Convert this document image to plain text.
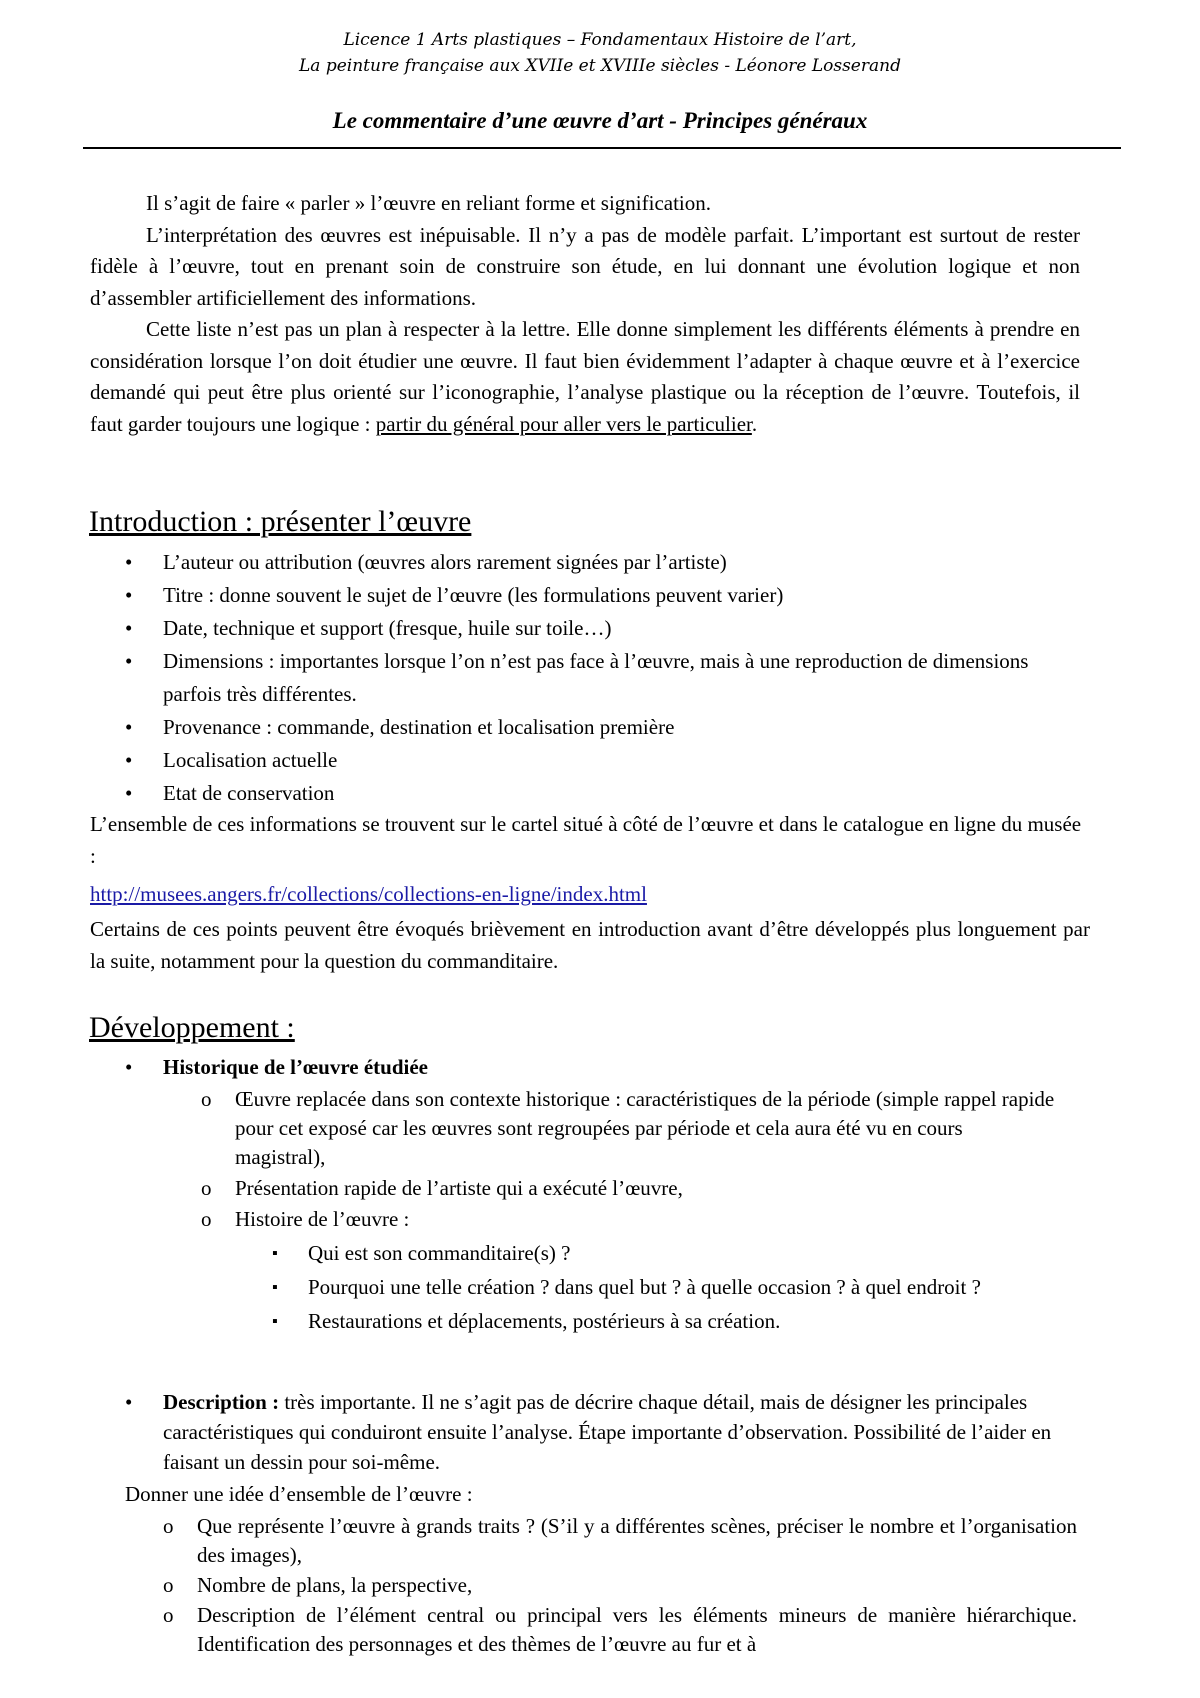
Licence 1 Arts plastiques – Fondamentaux Histoire de l’art,
La peinture française aux XVIIe et XVIIIe siècles - Léonore Losserand
Le commentaire d’une œuvre d’art - Principes généraux

Il s’agit de faire « parler » l’œuvre en reliant forme et signification.

L’interprétation des œuvres est inépuisable. Il n’y a pas de modèle parfait. L’important est surtout de rester fidèle à l’œuvre, tout en prenant soin de construire son étude, en lui donnant une évolution logique et non d’assembler artificiellement des informations.

Cette liste n’est pas un plan à respecter à la lettre. Elle donne simplement les différents éléments à prendre en considération lorsque l’on doit étudier une œuvre. Il faut bien évidemment l’adapter à chaque œuvre et à l’exercice demandé qui peut être plus orienté sur l’iconographie, l’analyse plastique ou la réception de l’œuvre. Toutefois, il faut garder toujours une logique : partir du général pour aller vers le particulier.

Introduction : présenter l’œuvre
• L’auteur ou attribution (œuvres alors rarement signées par l’artiste)
• Titre : donne souvent le sujet de l’œuvre (les formulations peuvent varier)
• Date, technique et support (fresque, huile sur toile…)
• Dimensions : importantes lorsque l’on n’est pas face à l’œuvre, mais à une reproduction de dimensions parfois très différentes.
• Provenance : commande, destination et localisation première
• Localisation actuelle
• Etat de conservation
L’ensemble de ces informations se trouvent sur le cartel situé à côté de l’œuvre et dans le catalogue en ligne du musée :
http://musees.angers.fr/collections/collections-en-ligne/index.html

Certains de ces points peuvent être évoqués brièvement en introduction avant d’être développés plus longuement par la suite, notamment pour la question du commanditaire.

Développement :
• Historique de l’œuvre étudiée
o Œuvre replacée dans son contexte historique : caractéristiques de la période (simple rappel rapide pour cet exposé car les œuvres sont regroupées par période et cela aura été vu en cours magistral),
o Présentation rapide de l’artiste qui a exécuté l’œuvre,
o Histoire de l’œuvre :
▪ Qui est son commanditaire(s) ?
▪ Pourquoi une telle création ? dans quel but ? à quelle occasion ? à quel endroit ?
▪ Restaurations et déplacements, postérieurs à sa création.
• Description : très importante. Il ne s’agit pas de décrire chaque détail, mais de désigner les principales caractéristiques qui conduiront ensuite l’analyse. Étape importante d’observation. Possibilité de l’aider en faisant un dessin pour soi-même.
Donner une idée d’ensemble de l’œuvre :
o Que représente l’œuvre à grands traits ? (S’il y a différentes scènes, préciser le nombre et l’organisation des images),
o Nombre de plans, la perspective,
o Description de l’élément central ou principal vers les éléments mineurs de manière hiérarchique. Identification des personnages et des thèmes de l’œuvre au fur et à
